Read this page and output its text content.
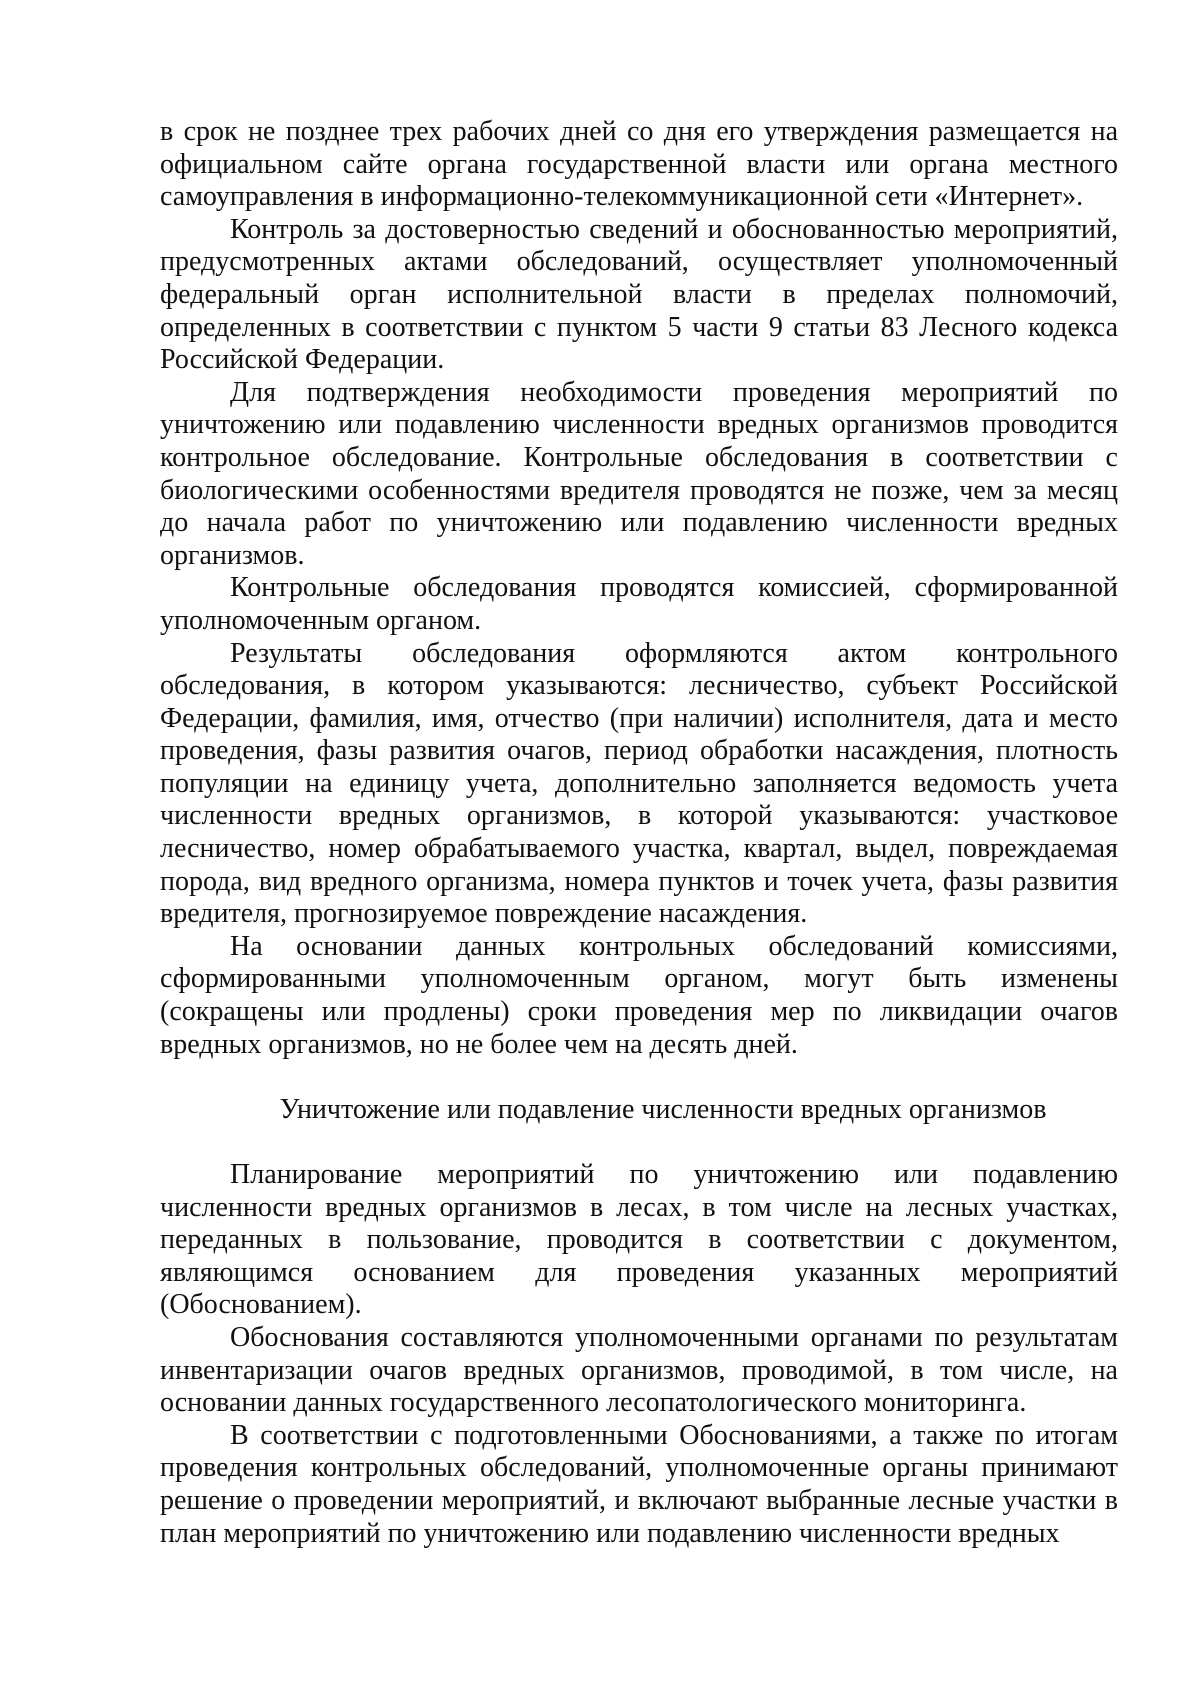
в срок не позднее трех рабочих дней со дня его утверждения размещается на официальном сайте органа государственной власти или органа местного самоуправления в информационно-телекоммуникационной сети «Интернет».

Контроль за достоверностью сведений и обоснованностью мероприятий, предусмотренных актами обследований, осуществляет уполномоченный федеральный орган исполнительной власти в пределах полномочий, определенных в соответствии с пунктом 5 части 9 статьи 83 Лесного кодекса Российской Федерации.

Для подтверждения необходимости проведения мероприятий по уничтожению или подавлению численности вредных организмов проводится контрольное обследование. Контрольные обследования в соответствии с биологическими особенностями вредителя проводятся не позже, чем за месяц до начала работ по уничтожению или подавлению численности вредных организмов.

Контрольные обследования проводятся комиссией, сформированной уполномоченным органом.

Результаты обследования оформляются актом контрольного обследования, в котором указываются: лесничество, субъект Российской Федерации, фамилия, имя, отчество (при наличии) исполнителя, дата и место проведения, фазы развития очагов, период обработки насаждения, плотность популяции на единицу учета, дополнительно заполняется ведомость учета численности вредных организмов, в которой указываются: участковое лесничество, номер обрабатываемого участка, квартал, выдел, повреждаемая порода, вид вредного организма, номера пунктов и точек учета, фазы развития вредителя, прогнозируемое повреждение насаждения.

На основании данных контрольных обследований комиссиями, сформированными уполномоченным органом, могут быть изменены (сокращены или продлены) сроки проведения мер по ликвидации очагов вредных организмов, но не более чем на десять дней.

Уничтожение или подавление численности вредных организмов

Планирование мероприятий по уничтожению или подавлению численности вредных организмов в лесах, в том числе на лесных участках, переданных в пользование, проводится в соответствии с документом, являющимся основанием для проведения указанных мероприятий (Обоснованием).

Обоснования составляются уполномоченными органами по результатам инвентаризации очагов вредных организмов, проводимой, в том числе, на основании данных государственного лесопатологического мониторинга.

В соответствии с подготовленными Обоснованиями, а также по итогам проведения контрольных обследований, уполномоченные органы принимают решение о проведении мероприятий, и включают выбранные лесные участки в план мероприятий по уничтожению или подавлению численности вредных
